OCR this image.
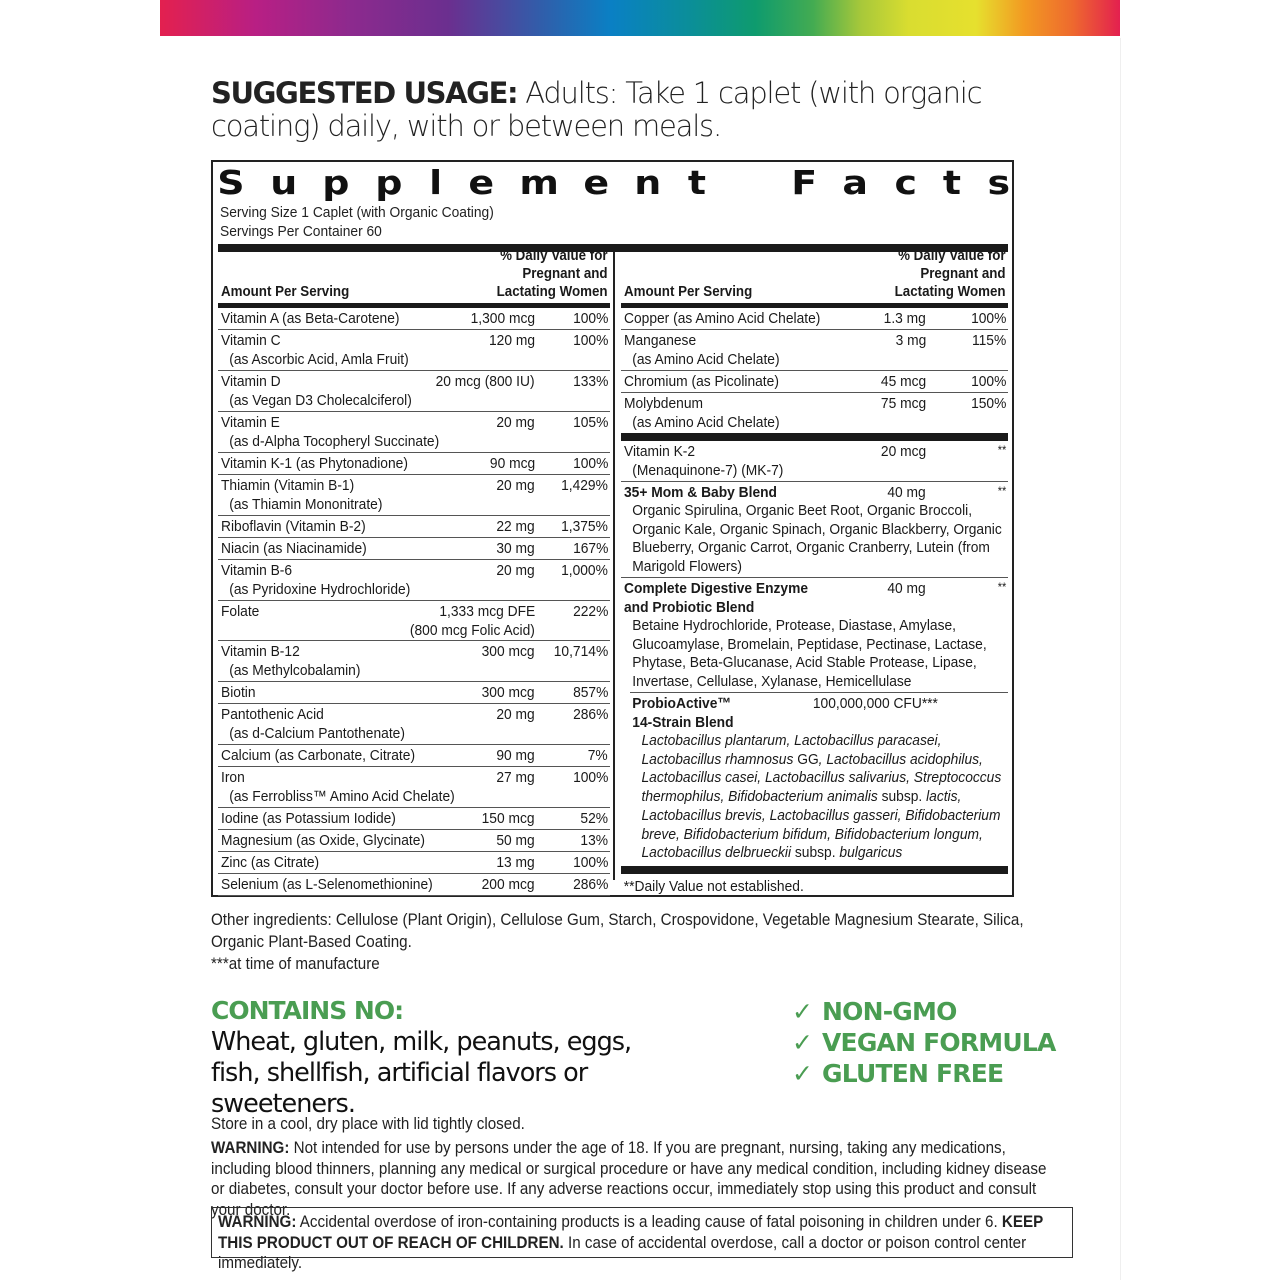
SUGGESTED USAGE: Adults: Take 1 caplet (with organic coating) daily, with or between meals.
S u p p l e m e n t	F a c t s
Serving Size 1 Caplet (with Organic Coating)
Servings Per Container 60
Amount Per Serving
% Daily Value for
Pregnant and
Lactating Women
Vitamin A (as Beta-Carotene)	1,300 mcg	100%
Vitamin C
(as Ascorbic Acid, Amla Fruit)
120 mg	100%
Vitamin D
(as Vegan D3 Cholecalciferol)
20 mcg (800 IU)	133%
Vitamin E
(as d-Alpha Tocopheryl Succinate)
20 mg	105%
Vitamin K-1 (as Phytonadione)	90 mcg	100%
Thiamin (Vitamin B-1)
(as Thiamin Mononitrate)
20 mg 1,429%
Riboflavin (Vitamin B-2)	22 mg 1,375%
Niacin (as Niacinamide)	30 mg	167%
Vitamin B-6
(as Pyridoxine Hydrochloride)
20 mg 1,000%
Folate	1,333 mcg DFE
(800 mcg Folic Acid)
222%
Vitamin B-12
(as Methylcobalamin)
300 mcg 10,714%
Biotin	300 mcg	857%
Pantothenic Acid
(as d-Calcium Pantothenate)
20 mg	286%
Calcium (as Carbonate, Citrate)	90 mg	7%
Iron
(as Ferrobliss™ Amino Acid Chelate)
27 mg	100%
Iodine (as Potassium Iodide)	150 mcg	52%
Magnesium (as Oxide, Glycinate)	50 mg	13%
Zinc (as Citrate)	13 mg	100%
Selenium (as L-Selenomethionine)	200 mcg	286%
Amount Per Serving
% Daily Value for
Pregnant and
Lactating Women
Copper (as Amino Acid Chelate)	1.3 mg	100%
Manganese
(as Amino Acid Chelate)
3 mg	115%
Chromium (as Picolinate)	45 mcg	100%
Molybdenum
(as Amino Acid Chelate)
75 mcg	150%
Vitamin K-2
(Menaquinone-7) (MK-7)
20 mcg	**
35+ Mom & Baby Blend	40 mg	**
Organic Spirulina, Organic Beet Root, Organic Broccoli, Organic Kale, Organic Spinach, Organic Blackberry, Organic Blueberry, Organic Carrot, Organic Cranberry, Lutein (from Marigold Flowers)
Complete Digestive Enzyme
and Probiotic Blend
40 mg	**
Betaine Hydrochloride, Protease, Diastase, Amylase, Glucoamylase, Bromelain, Peptidase, Pectinase, Lactase, Phytase, Beta-Glucanase, Acid Stable Protease, Lipase, Invertase, Cellulase, Xylanase, Hemicellulase
ProbioActive™
14-Strain Blend
100,000,000 CFU***
Lactobacillus plantarum, Lactobacillus paracasei, Lactobacillus rhamnosus GG, Lactobacillus acidophilus, Lactobacillus casei, Lactobacillus salivarius, Streptococcus thermophilus, Bifidobacterium animalis subsp. lactis, Lactobacillus brevis, Lactobacillus gasseri, Bifidobacterium breve, Bifidobacterium bifidum, Bifidobacterium longum, Lactobacillus delbrueckii subsp. bulgaricus
**Daily Value not established.
Other ingredients: Cellulose (Plant Origin), Cellulose Gum, Starch, Crospovidone, Vegetable Magnesium Stearate, Silica, Organic Plant-Based Coating.
***at time of manufacture
CONTAINS NO:
Wheat, gluten, milk, peanuts, eggs, fish, shellfish, artificial flavors or sweeteners.
✓ NON-GMO
✓ VEGAN FORMULA
✓ GLUTEN FREE
Store in a cool, dry place with lid tightly closed.
WARNING: Not intended for use by persons under the age of 18. If you are pregnant, nursing, taking any medications, including blood thinners, planning any medical or surgical procedure or have any medical condition, including kidney disease or diabetes, consult your doctor before use. If any adverse reactions occur, immediately stop using this product and consult your doctor.
WARNING: Accidental overdose of iron-containing products is a leading cause of fatal poisoning in children under 6. KEEP THIS PRODUCT OUT OF REACH OF CHILDREN. In case of accidental overdose, call a doctor or poison control center immediately.
